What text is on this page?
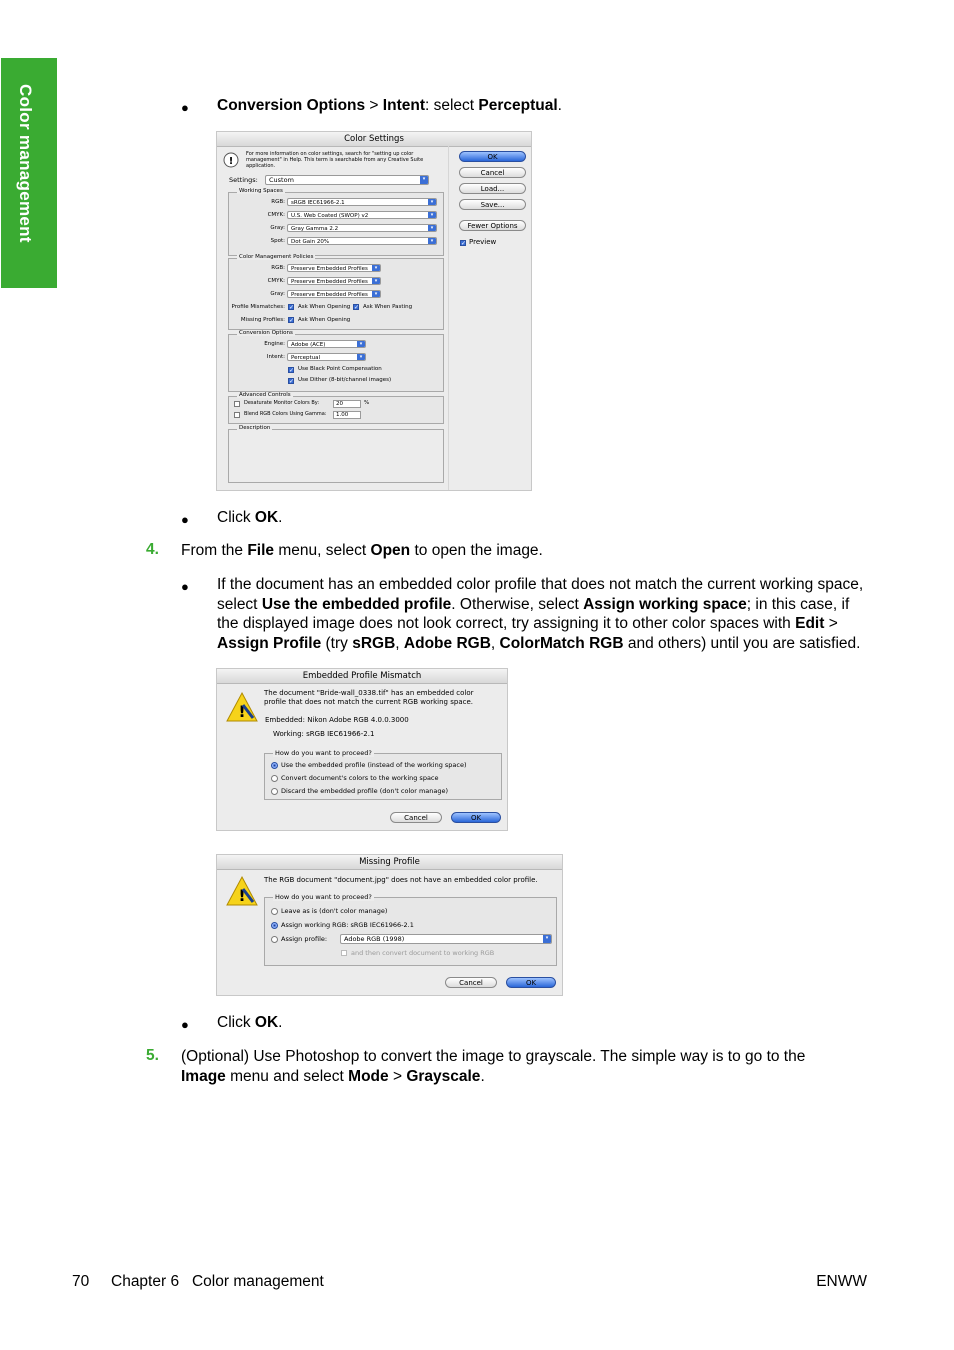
Color management	● Conversion Options > Intent: select Perceptual.
Color Settings
!
For more information on color settings, search for "setting up color management" in Help. This term is searchable from any Creative Suite application.
Settings:	Custom	▾
Working Spaces
RGB:	sRGB IEC61966-2.1	▾
CMYK:	U.S. Web Coated (SWOP) v2	▾
Gray:	Gray Gamma 2.2	▾
Spot:	Dot Gain 20%	▾
Color Management Policies
RGB:	Preserve Embedded Profiles	▾
CMYK:	Preserve Embedded Profiles	▾
Gray:	Preserve Embedded Profiles	▾
Profile Mismatches: ✓ Ask When Opening ✓ Ask When Pasting
Missing Profiles: ✓ Ask When Opening
Conversion Options
Engine:	Adobe (ACE)	▾
Intent:	Perceptual	▾
✓ Use Black Point Compensation
✓ Use Dither (8-bit/channel images)
Advanced Controls
Desaturate Monitor Colors By:	20	%
Blend RGB Colors Using Gamma:	1.00
Description
OK
Cancel
Load...
Save...
Fewer Options
✓ Preview
● Click OK.
4. From the File menu, select Open to open the image.
● If the document has an embedded color profile that does not match the current working space, select Use the embedded profile. Otherwise, select Assign working space; in this case, if the displayed image does not look correct, try assigning it to other color spaces with Edit > Assign Profile (try sRGB, Adobe RGB, ColorMatch RGB and others) until you are satisfied.
Embedded Profile Mismatch
!
The document "Bride-wall_0338.tif" has an embedded color profile that does not match the current RGB working space.
Embedded: Nikon Adobe RGB 4.0.0.3000
Working: sRGB IEC61966-2.1
How do you want to proceed?
Use the embedded profile (instead of the working space)
Convert document's colors to the working space
Discard the embedded profile (don't color manage)
Cancel	OK
Missing Profile
!
The RGB document "document.jpg" does not have an embedded color profile.
How do you want to proceed?
Leave as is (don't color manage)
Assign working RGB: sRGB IEC61966-2.1
Assign profile:	Adobe RGB (1998)	▾
and then convert document to working RGB
Cancel	OK
● Click OK.
5. (Optional) Use Photoshop to convert the image to grayscale. The simple way is to go to the Image menu and select Mode > Grayscale.
70 Chapter 6   Color management	ENWW
